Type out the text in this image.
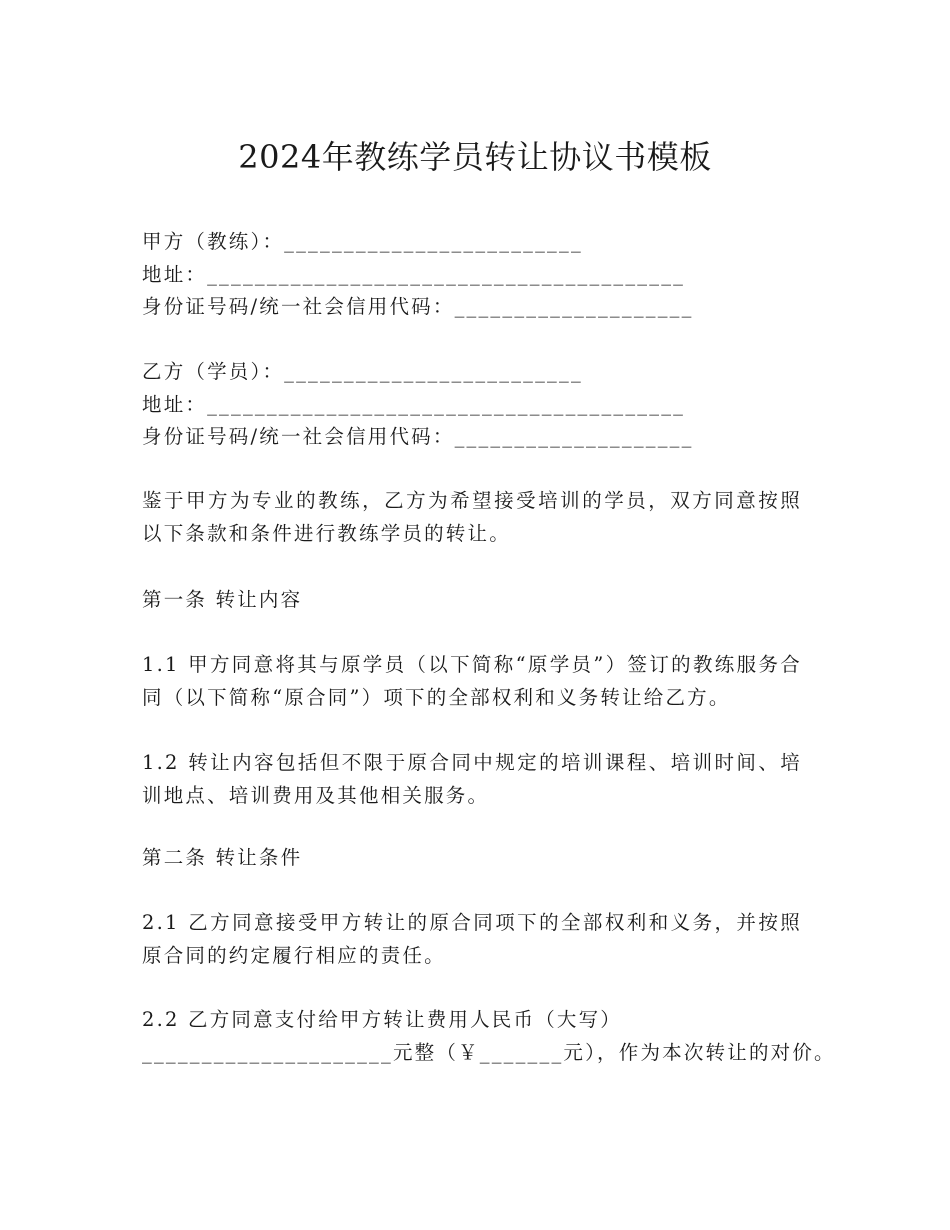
2024年教练学员转让协议书模板
甲方（教练）：_________________________
地址：________________________________________
身份证号码/统一社会信用代码：____________________
乙方（学员）：_________________________
地址：________________________________________
身份证号码/统一社会信用代码：____________________
鉴于甲方为专业的教练，乙方为希望接受培训的学员，双方同意按照以下条款和条件进行教练学员的转让。
第一条 转让内容
1.1 甲方同意将其与原学员（以下简称“原学员”）签订的教练服务合同（以下简称“原合同”）项下的全部权利和义务转让给乙方。
1.2 转让内容包括但不限于原合同中规定的培训课程、培训时间、培训地点、培训费用及其他相关服务。
第二条 转让条件
2.1 乙方同意接受甲方转让的原合同项下的全部权利和义务，并按照原合同的约定履行相应的责任。
2.2 乙方同意支付给甲方转让费用人民币（大写）
_____________________元整（￥_______元），作为本次转让的对价。
